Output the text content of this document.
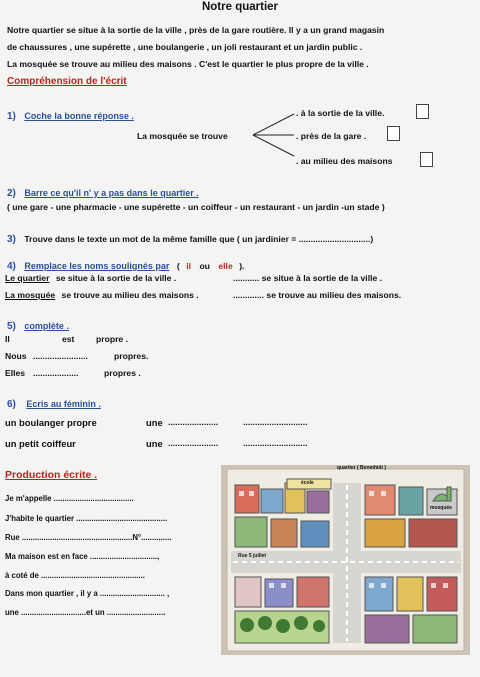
Notre quartier
Notre quartier se situe à la sortie de la ville , près de la gare routière. Il y a un grand magasin
de chaussures , une supérette , une boulangerie , un joli restaurant et un jardin public .
La mosquée se trouve au milieu des maisons . C'est le quartier le plus propre de la ville .
Compréhension de l'écrit
1) Coche la bonne réponse .
La mosquée se trouve
. à la sortie de la ville.
. près de la gare .
. au milieu des maisons
2) Barre ce qu'il n' y a pas dans le quartier .
( une gare - une pharmacie - une supérette - un coiffeur - un restaurant - un jardin -un stade )
3) Trouve dans le texte un mot de la même famille que ( un jardinier = ..............................)
4) Remplace les noms soulignés par ( il ou elle ).
Le quartier se situe à la sortie de la ville .	........... se situe à la sortie de la ville .
La mosquée se trouve au milieu des maisons .	............. se trouve au milieu des maisons.
5) complète .
Il	est	propre .
Nous .......................	propres.
Elles ...................	propres .
6) Ecris au féminin .
un boulanger propre	une .....................	...........................
un petit coiffeur	une .....................	...........................
Production écrite .
Je m'appelle .....................................
J'habite le quartier ..........................................
Rue ...................................................N°..............
Ma maison est en face ...............................,
à coté de ................................................
Dans mon quartier , il y a .............................. ,
une ..............................et un ...........................
quartier ( Benmhidi )
école
mosquée
Rue 5 juillet
